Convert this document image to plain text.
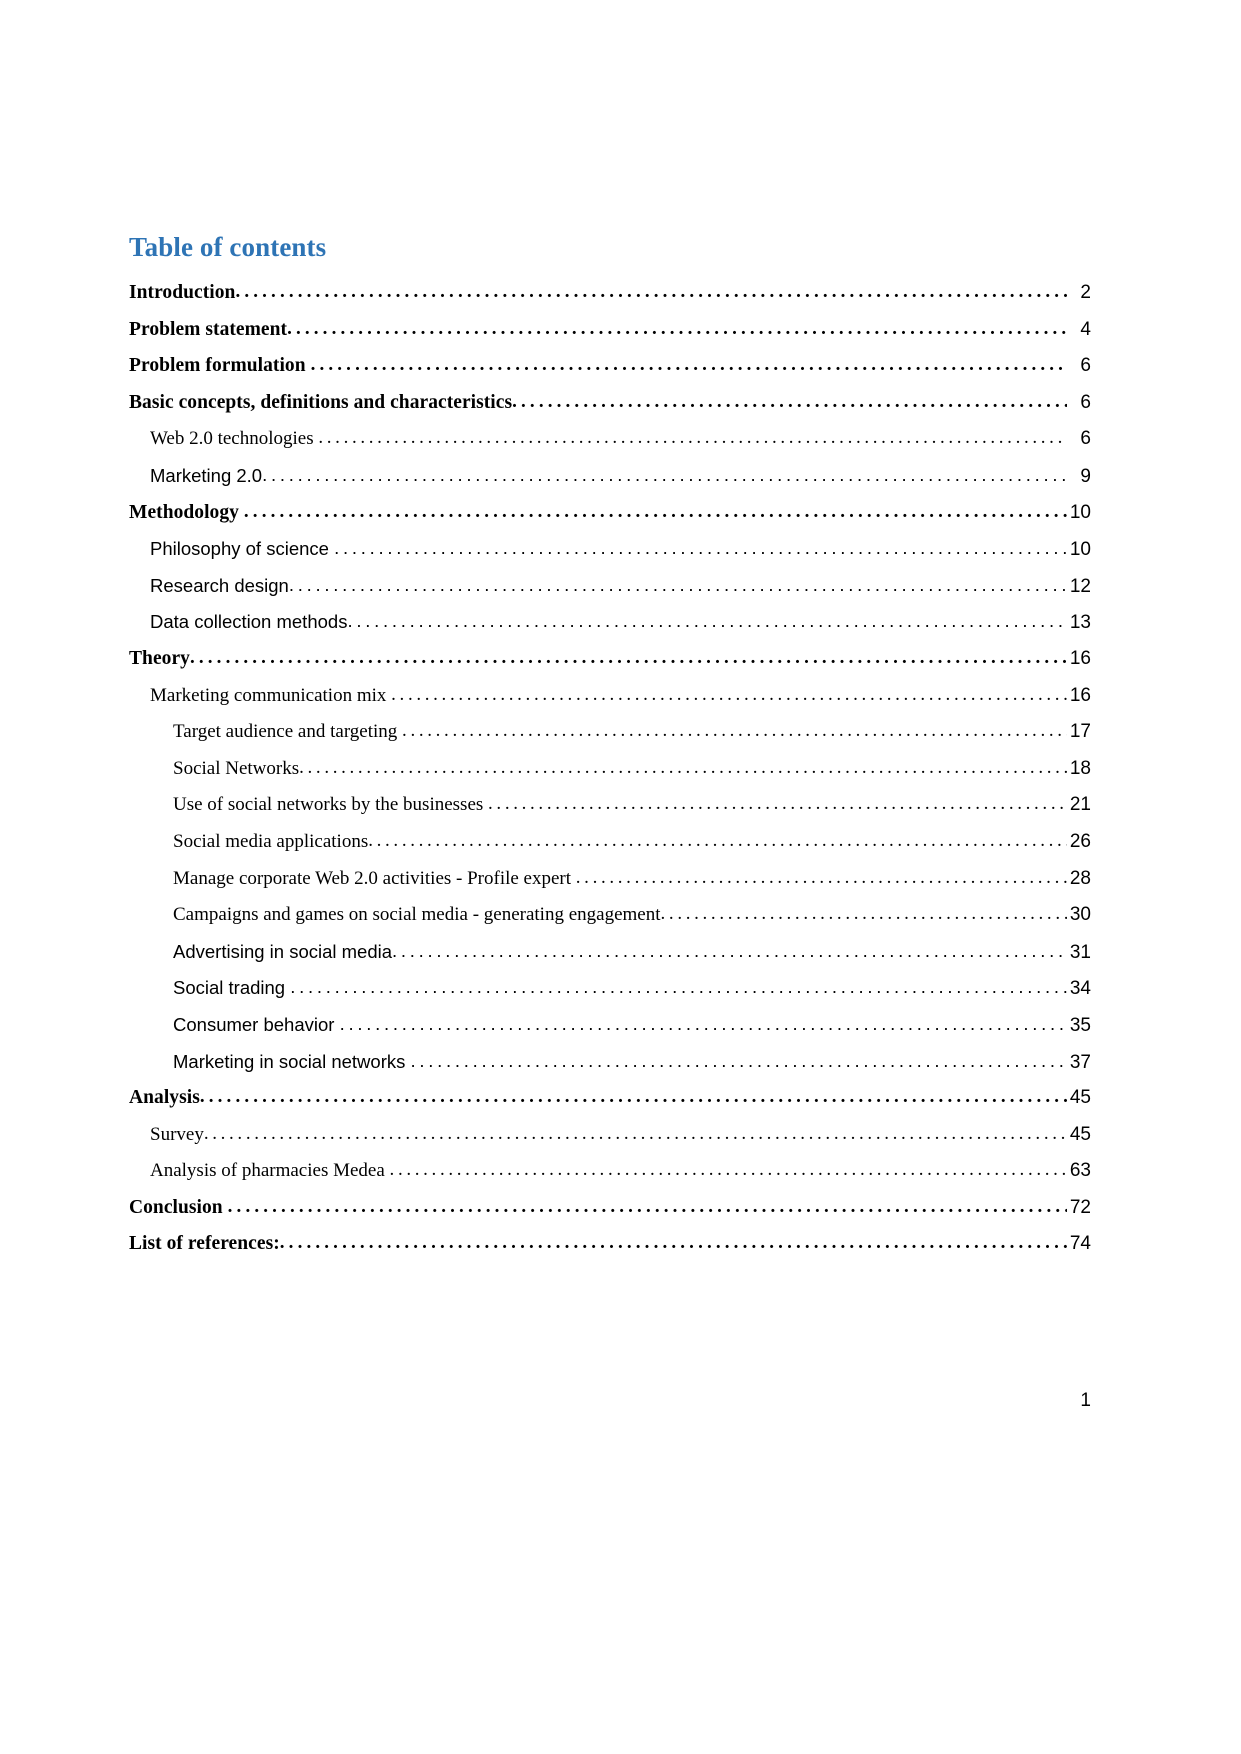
Table of contents
Introduction . . .	2
Problem statement . . .	4
Problem formulation . . .	6
Basic concepts, definitions and characteristics . . .	6
Web 2.0 technologies . . .	6
Marketing 2.0 . . .	9
Methodology . . .	10
Philosophy of science . . .	10
Research design . . .	12
Data collection methods . . .	13
Theory . . .	16
Marketing communication mix . . .	16
Target audience and targeting . . .	17
Social Networks . . .	18
Use of social networks by the businesses . . .	21
Social media applications . . .	26
Manage corporate Web 2.0 activities - Profile expert . . .	28
Campaigns and games on social media - generating engagement . . .	30
Advertising in social media . . .	31
Social trading . . .	34
Consumer behavior . . .	35
Marketing in social networks . . .	37
Analysis . . .	45
Survey . . .	45
Analysis of pharmacies Medea . . .	63
Conclusion . . .	72
List of references: . . .	74
1
